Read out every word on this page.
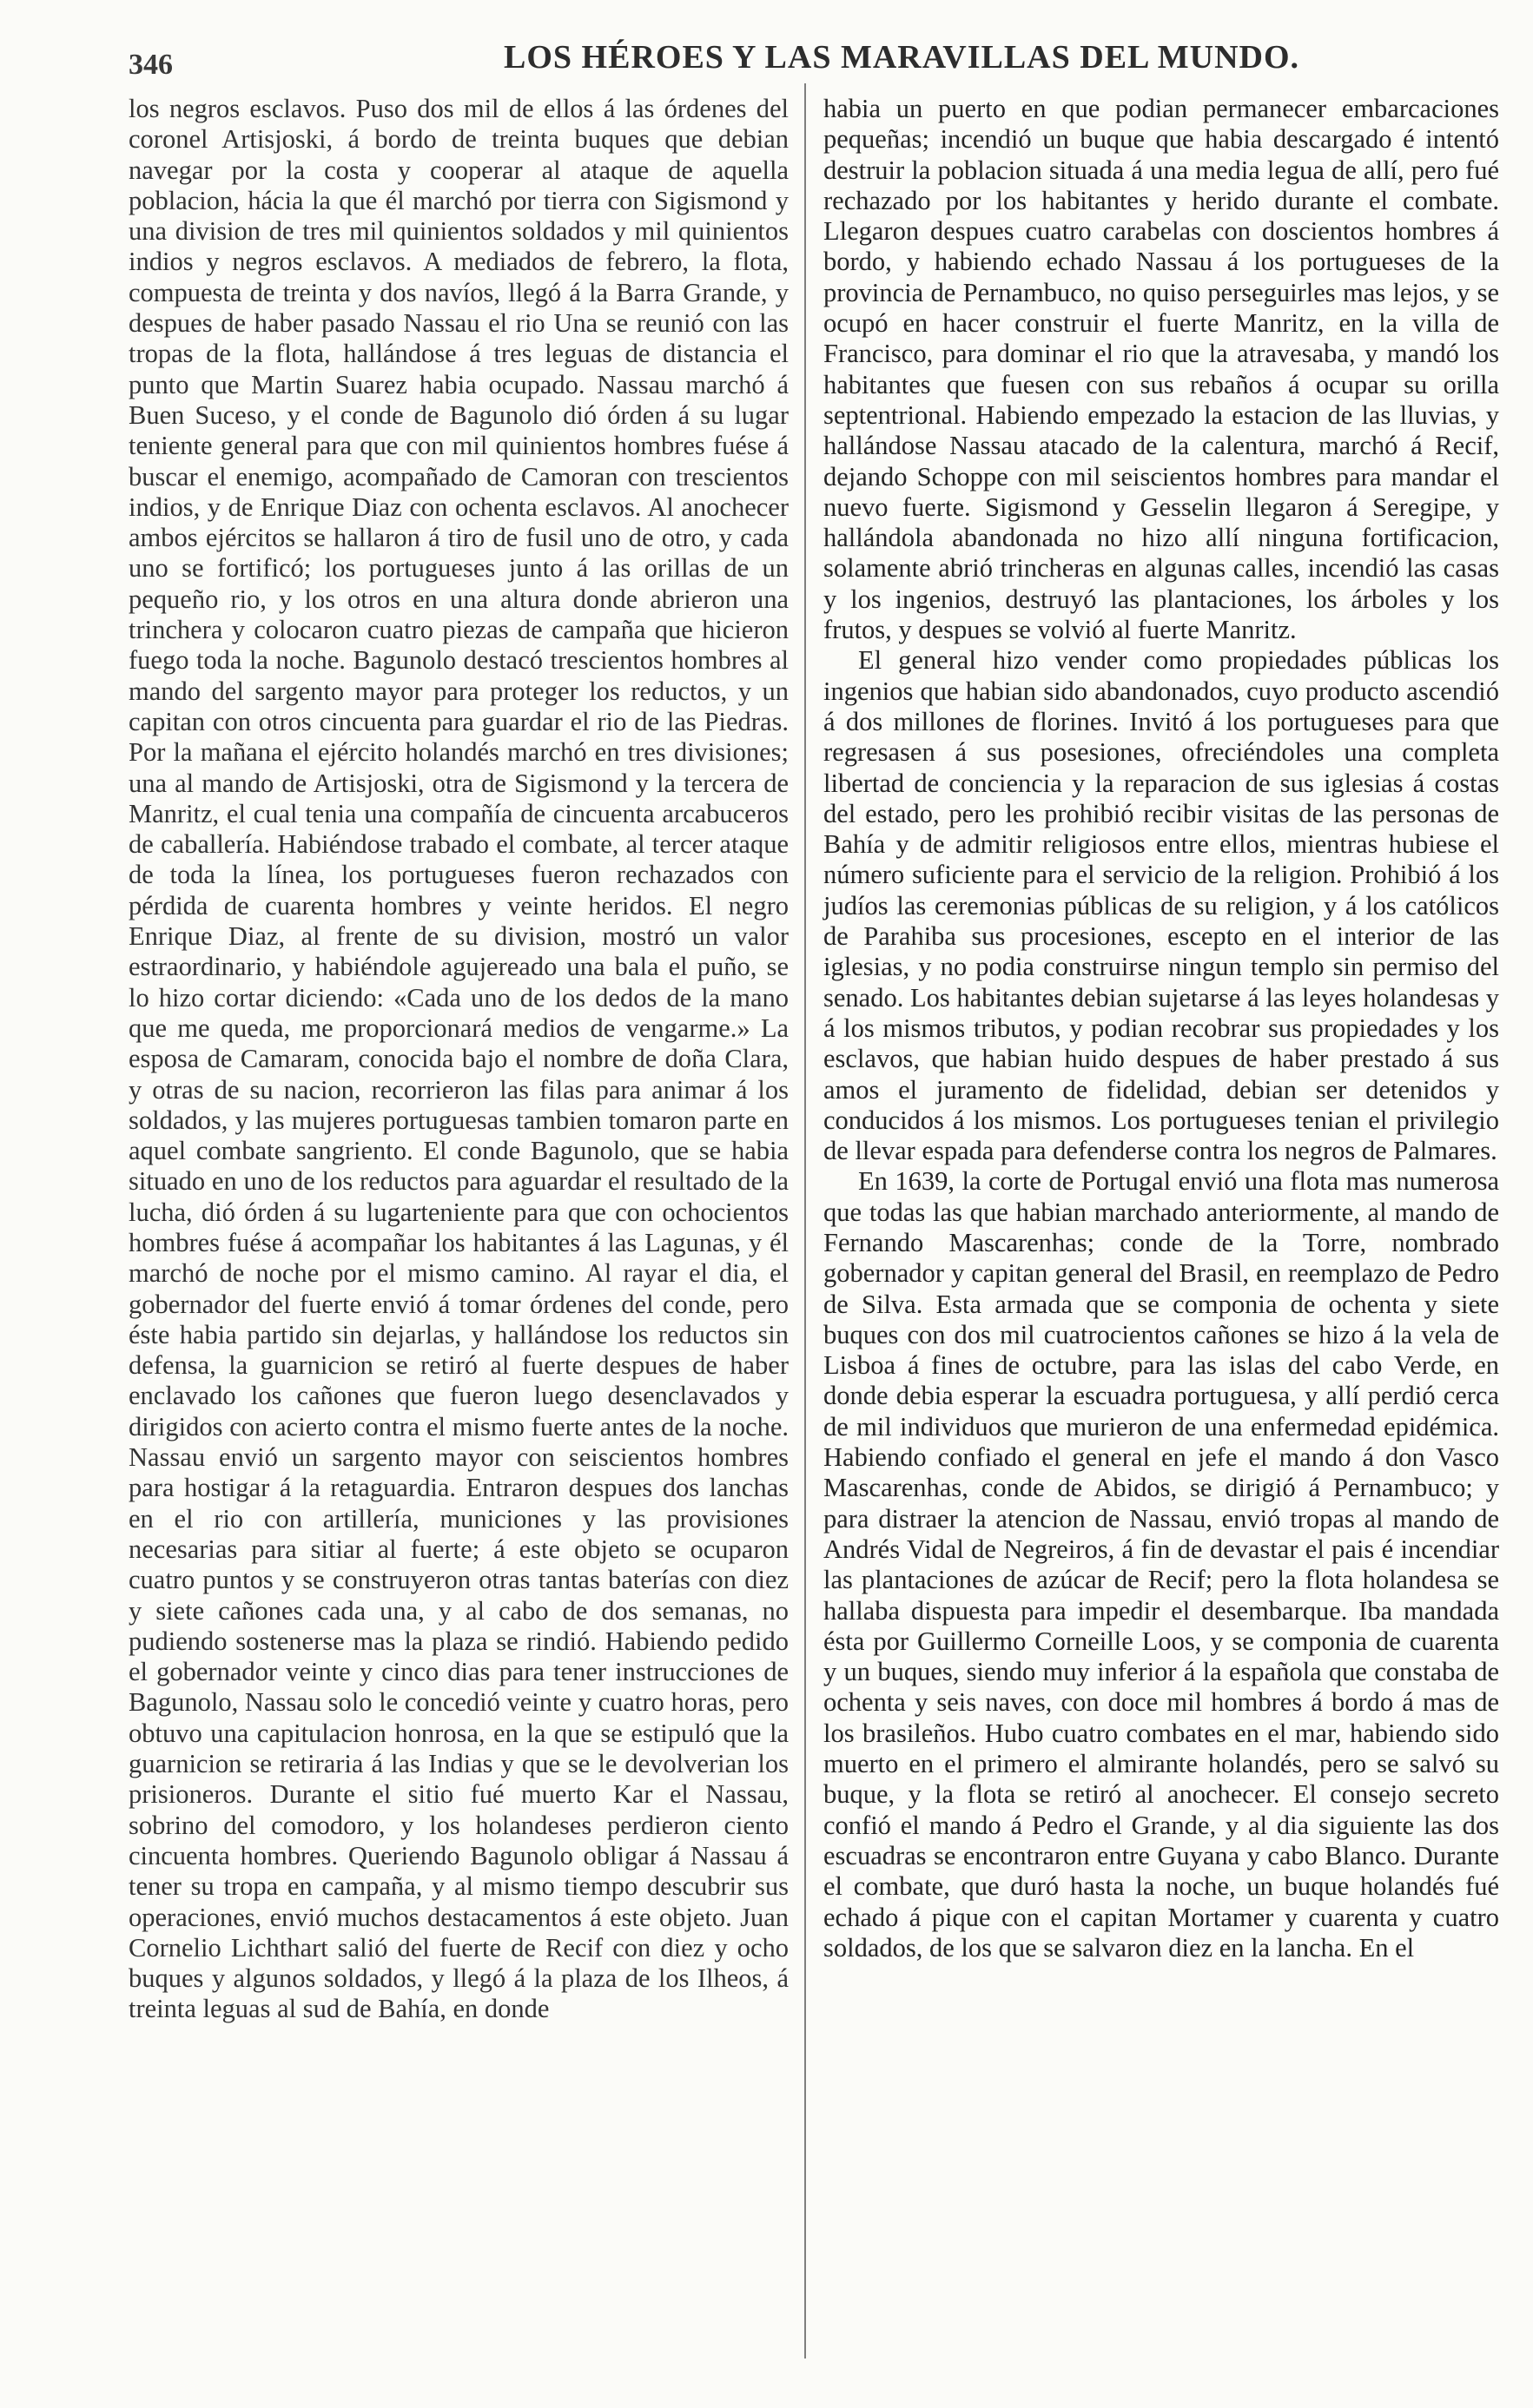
346	LOS HÉROES Y LAS MARAVILLAS DEL MUNDO.

los negros esclavos. Puso dos mil de ellos á las órdenes del coronel Artisjoski, á bordo de treinta buques que debian navegar por la costa y cooperar al ataque de aquella poblacion, hácia la que él marchó por tierra con Sigismond y una division de tres mil quinientos soldados y mil quinientos indios y negros esclavos. A mediados de febrero, la flota, compuesta de treinta y dos navíos, llegó á la Barra Grande, y despues de haber pasado Nassau el rio Una se reunió con las tropas de la flota, hallándose á tres leguas de distancia el punto que Martin Suarez habia ocupado. Nassau marchó á Buen Suceso, y el conde de Bagunolo dió órden á su lugar teniente general para que con mil quinientos hombres fuése á buscar el enemigo, acompañado de Camoran con trescientos indios, y de Enrique Diaz con ochenta esclavos. Al anochecer ambos ejércitos se hallaron á tiro de fusil uno de otro, y cada uno se fortificó; los portugueses junto á las orillas de un pequeño rio, y los otros en una altura donde abrieron una trinchera y colocaron cuatro piezas de campaña que hicieron fuego toda la noche. Bagunolo destacó trescientos hombres al mando del sargento mayor para proteger los reductos, y un capitan con otros cincuenta para guardar el rio de las Piedras. Por la mañana el ejército holandés marchó en tres divisiones; una al mando de Artisjoski, otra de Sigismond y la tercera de Manritz, el cual tenia una compañía de cincuenta arcabuceros de caballería. Habiéndose trabado el combate, al tercer ataque de toda la línea, los portugueses fueron rechazados con pérdida de cuarenta hombres y veinte heridos. El negro Enrique Diaz, al frente de su division, mostró un valor estraordinario, y habiéndole agujereado una bala el puño, se lo hizo cortar diciendo: «Cada uno de los dedos de la mano que me queda, me proporcionará medios de vengarme.» La esposa de Camaram, conocida bajo el nombre de doña Clara, y otras de su nacion, recorrieron las filas para animar á los soldados, y las mujeres portuguesas tambien tomaron parte en aquel combate sangriento. El conde Bagunolo, que se habia situado en uno de los reductos para aguardar el resultado de la lucha, dió órden á su lugarteniente para que con ochocientos hombres fuése á acompañar los habitantes á las Lagunas, y él marchó de noche por el mismo camino. Al rayar el dia, el gobernador del fuerte envió á tomar órdenes del conde, pero éste habia partido sin dejarlas, y hallándose los reductos sin defensa, la guarnicion se retiró al fuerte despues de haber enclavado los cañones que fueron luego desenclavados y dirigidos con acierto contra el mismo fuerte antes de la noche. Nassau envió un sargento mayor con seiscientos hombres para hostigar á la retaguardia. Entraron despues dos lanchas en el rio con artillería, municiones y las provisiones necesarias para sitiar al fuerte; á este objeto se ocuparon cuatro puntos y se construyeron otras tantas baterías con diez y siete cañones cada una, y al cabo de dos semanas, no pudiendo sostenerse mas la plaza se rindió. Habiendo pedido el gobernador veinte y cinco dias para tener instrucciones de Bagunolo, Nassau solo le concedió veinte y cuatro horas, pero obtuvo una capitulacion honrosa, en la que se estipuló que la guarnicion se retiraria á las Indias y que se le devolverian los prisioneros. Durante el sitio fué muerto Kar el Nassau, sobrino del comodoro, y los holandeses perdieron ciento cincuenta hombres. Queriendo Bagunolo obligar á Nassau á tener su tropa en campaña, y al mismo tiempo descubrir sus operaciones, envió muchos destacamentos á este objeto. Juan Cornelio Lichthart salió del fuerte de Recif con diez y ocho buques y algunos soldados, y llegó á la plaza de los Ilheos, á treinta leguas al sud de Bahía, en donde

habia un puerto en que podian permanecer embarcaciones pequeñas; incendió un buque que habia descargado é intentó destruir la poblacion situada á una media legua de allí, pero fué rechazado por los habitantes y herido durante el combate. Llegaron despues cuatro carabelas con doscientos hombres á bordo, y habiendo echado Nassau á los portugueses de la provincia de Pernambuco, no quiso perseguirles mas lejos, y se ocupó en hacer construir el fuerte Manritz, en la villa de Francisco, para dominar el rio que la atravesaba, y mandó los habitantes que fuesen con sus rebaños á ocupar su orilla septentrional. Habiendo empezado la estacion de las lluvias, y hallándose Nassau atacado de la calentura, marchó á Recif, dejando Schoppe con mil seiscientos hombres para mandar el nuevo fuerte. Sigismond y Gesselin llegaron á Seregipe, y hallándola abandonada no hizo allí ninguna fortificacion, solamente abrió trincheras en algunas calles, incendió las casas y los ingenios, destruyó las plantaciones, los árboles y los frutos, y despues se volvió al fuerte Manritz.

El general hizo vender como propiedades públicas los ingenios que habian sido abandonados, cuyo producto ascendió á dos millones de florines. Invitó á los portugueses para que regresasen á sus posesiones, ofreciéndoles una completa libertad de conciencia y la reparacion de sus iglesias á costas del estado, pero les prohibió recibir visitas de las personas de Bahía y de admitir religiosos entre ellos, mientras hubiese el número suficiente para el servicio de la religion. Prohibió á los judíos las ceremonias públicas de su religion, y á los católicos de Parahiba sus procesiones, escepto en el interior de las iglesias, y no podia construirse ningun templo sin permiso del senado. Los habitantes debian sujetarse á las leyes holandesas y á los mismos tributos, y podian recobrar sus propiedades y los esclavos, que habian huido despues de haber prestado á sus amos el juramento de fidelidad, debian ser detenidos y conducidos á los mismos. Los portugueses tenian el privilegio de llevar espada para defenderse contra los negros de Palmares.

En 1639, la corte de Portugal envió una flota mas numerosa que todas las que habian marchado anteriormente, al mando de Fernando Mascarenhas; conde de la Torre, nombrado gobernador y capitan general del Brasil, en reemplazo de Pedro de Silva. Esta armada que se componia de ochenta y siete buques con dos mil cuatrocientos cañones se hizo á la vela de Lisboa á fines de octubre, para las islas del cabo Verde, en donde debia esperar la escuadra portuguesa, y allí perdió cerca de mil individuos que murieron de una enfermedad epidémica. Habiendo confiado el general en jefe el mando á don Vasco Mascarenhas, conde de Abidos, se dirigió á Pernambuco; y para distraer la atencion de Nassau, envió tropas al mando de Andrés Vidal de Negreiros, á fin de devastar el pais é incendiar las plantaciones de azúcar de Recif; pero la flota holandesa se hallaba dispuesta para impedir el desembarque. Iba mandada ésta por Guillermo Corneille Loos, y se componia de cuarenta y un buques, siendo muy inferior á la española que constaba de ochenta y seis naves, con doce mil hombres á bordo á mas de los brasileños. Hubo cuatro combates en el mar, habiendo sido muerto en el primero el almirante holandés, pero se salvó su buque, y la flota se retiró al anochecer. El consejo secreto confió el mando á Pedro el Grande, y al dia siguiente las dos escuadras se encontraron entre Guyana y cabo Blanco. Durante el combate, que duró hasta la noche, un buque holandés fué echado á pique con el capitan Mortamer y cuarenta y cuatro soldados, de los que se salvaron diez en la lancha. En el
